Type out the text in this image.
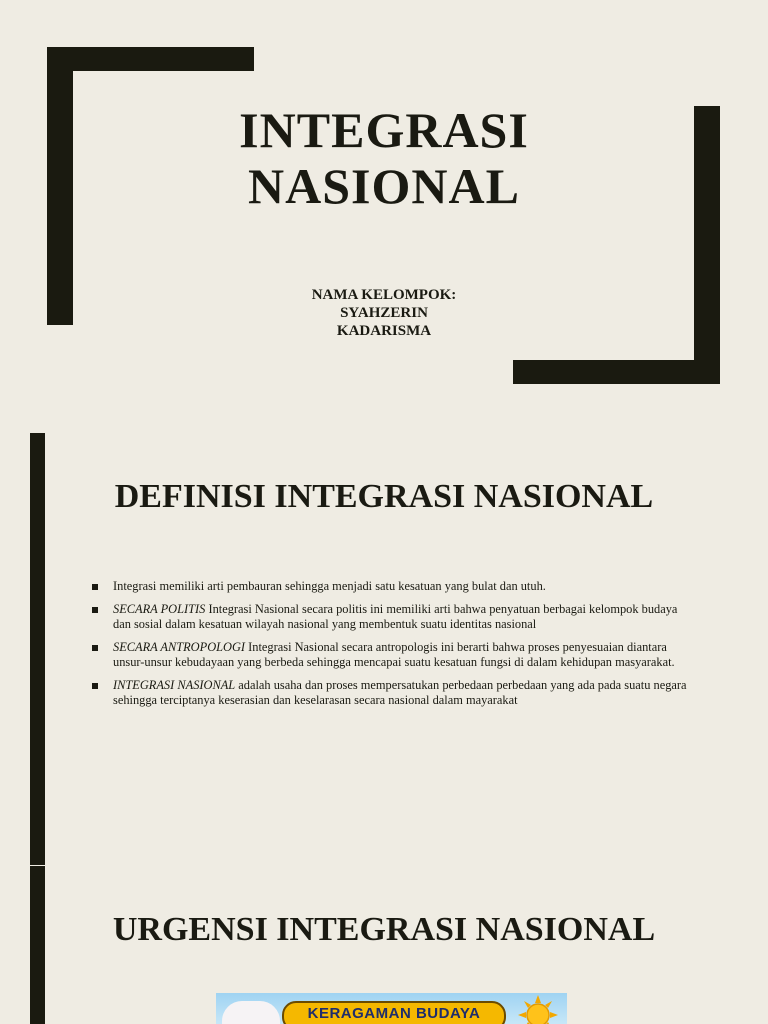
INTEGRASI
NASIONAL
NAMA KELOMPOK:
SYAHZERIN
KADARISMA
DEFINISI INTEGRASI NASIONAL
Integrasi memiliki arti pembauran sehingga menjadi satu kesatuan yang bulat dan utuh.
SECARA POLITIS Integrasi Nasional secara politis ini memiliki arti bahwa penyatuan berbagai kelompok budaya dan sosial dalam kesatuan wilayah nasional yang membentuk suatu identitas nasional
SECARA ANTROPOLOGI Integrasi Nasional secara antropologis ini berarti bahwa proses penyesuaian diantara unsur-unsur kebudayaan yang berbeda sehingga mencapai suatu kesatuan fungsi di dalam kehidupan masyarakat.
INTEGRASI NASIONAL adalah usaha dan proses mempersatukan perbedaan perbedaan yang ada pada suatu negara sehingga terciptanya keserasian dan keselarasan secara nasional dalam mayarakat
URGENSI INTEGRASI NASIONAL
KERAGAMAN BUDAYA
